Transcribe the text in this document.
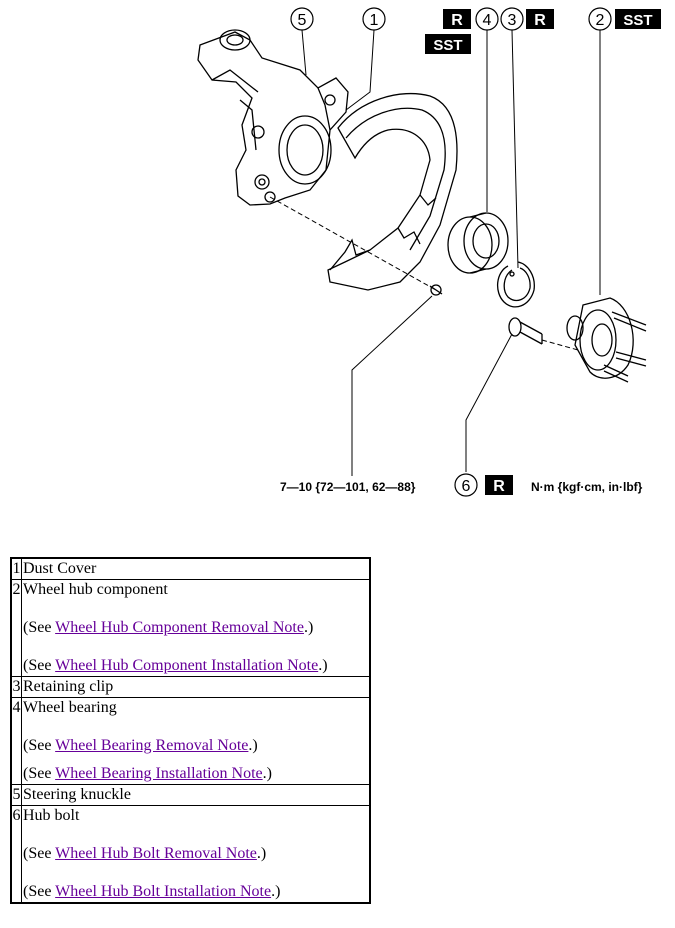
5	1	4 3	2
6
R
SST
R	SST
R
7—10 {72—101, 62—88}	N·m {kgf·cm, in·lbf}
1	Dust Cover

2	Wheel hub component

(See Wheel Hub Component Removal Note.)

(See Wheel Hub Component Installation Note.)

3	Retaining clip

4	Wheel bearing

(See Wheel Bearing Removal Note.)

(See Wheel Bearing Installation Note.)

5	Steering knuckle

6	Hub bolt

(See Wheel Hub Bolt Removal Note.)

(See Wheel Hub Bolt Installation Note.)
